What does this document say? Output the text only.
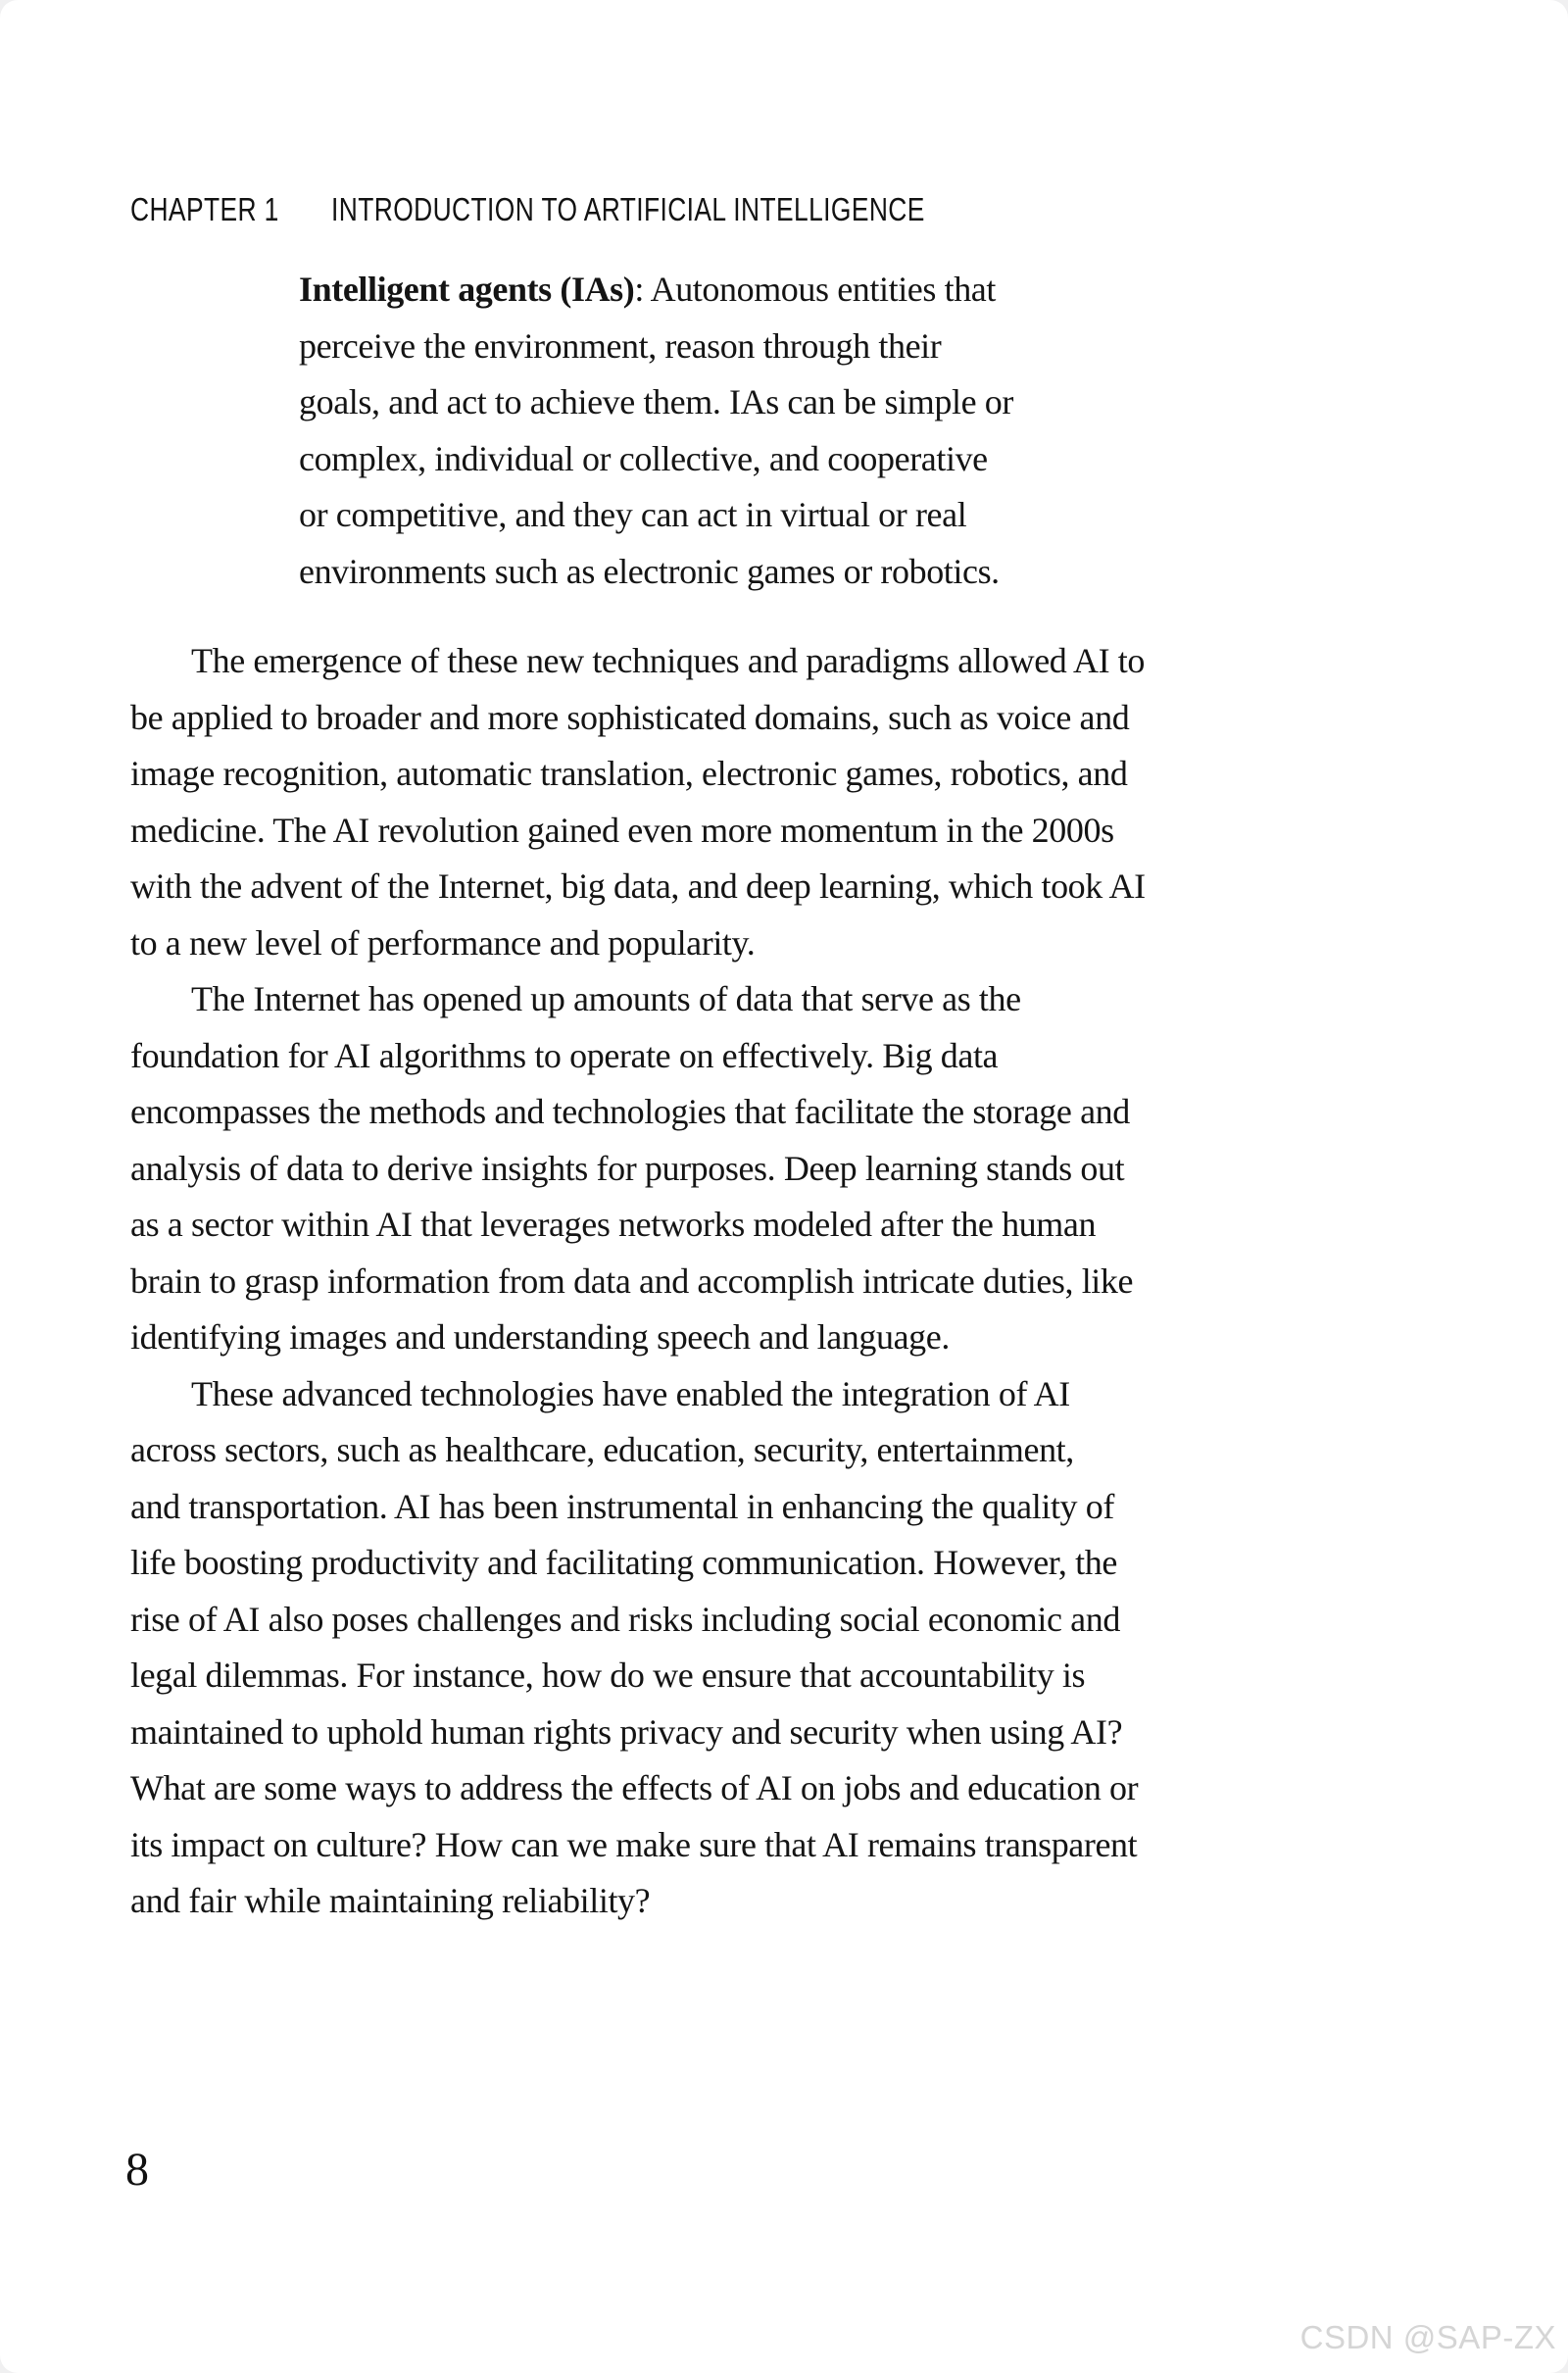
CHAPTER 1 INTRODUCTION TO ARTIFICIAL INTELLIGENCE
Intelligent agents (IAs): Autonomous entities that
perceive the environment, reason through their
goals, and act to achieve them. IAs can be simple or
complex, individual or collective, and cooperative
or competitive, and they can act in virtual or real
environments such as electronic games or robotics.
The emergence of these new techniques and paradigms allowed AI to
be applied to broader and more sophisticated domains, such as voice and
image recognition, automatic translation, electronic games, robotics, and
medicine. The AI revolution gained even more momentum in the 2000s
with the advent of the Internet, big data, and deep learning, which took AI
to a new level of performance and popularity.
The Internet has opened up amounts of data that serve as the
foundation for AI algorithms to operate on effectively. Big data
encompasses the methods and technologies that facilitate the storage and
analysis of data to derive insights for purposes. Deep learning stands out
as a sector within AI that leverages networks modeled after the human
brain to grasp information from data and accomplish intricate duties, like
identifying images and understanding speech and language.
These advanced technologies have enabled the integration of AI
across sectors, such as healthcare, education, security, entertainment,
and transportation. AI has been instrumental in enhancing the quality of
life boosting productivity and facilitating communication. However, the
rise of AI also poses challenges and risks including social economic and
legal dilemmas. For instance, how do we ensure that accountability is
maintained to uphold human rights privacy and security when using AI?
What are some ways to address the effects of AI on jobs and education or
its impact on culture? How can we make sure that AI remains transparent
and fair while maintaining reliability?
8
CSDN @SAP-ZX
